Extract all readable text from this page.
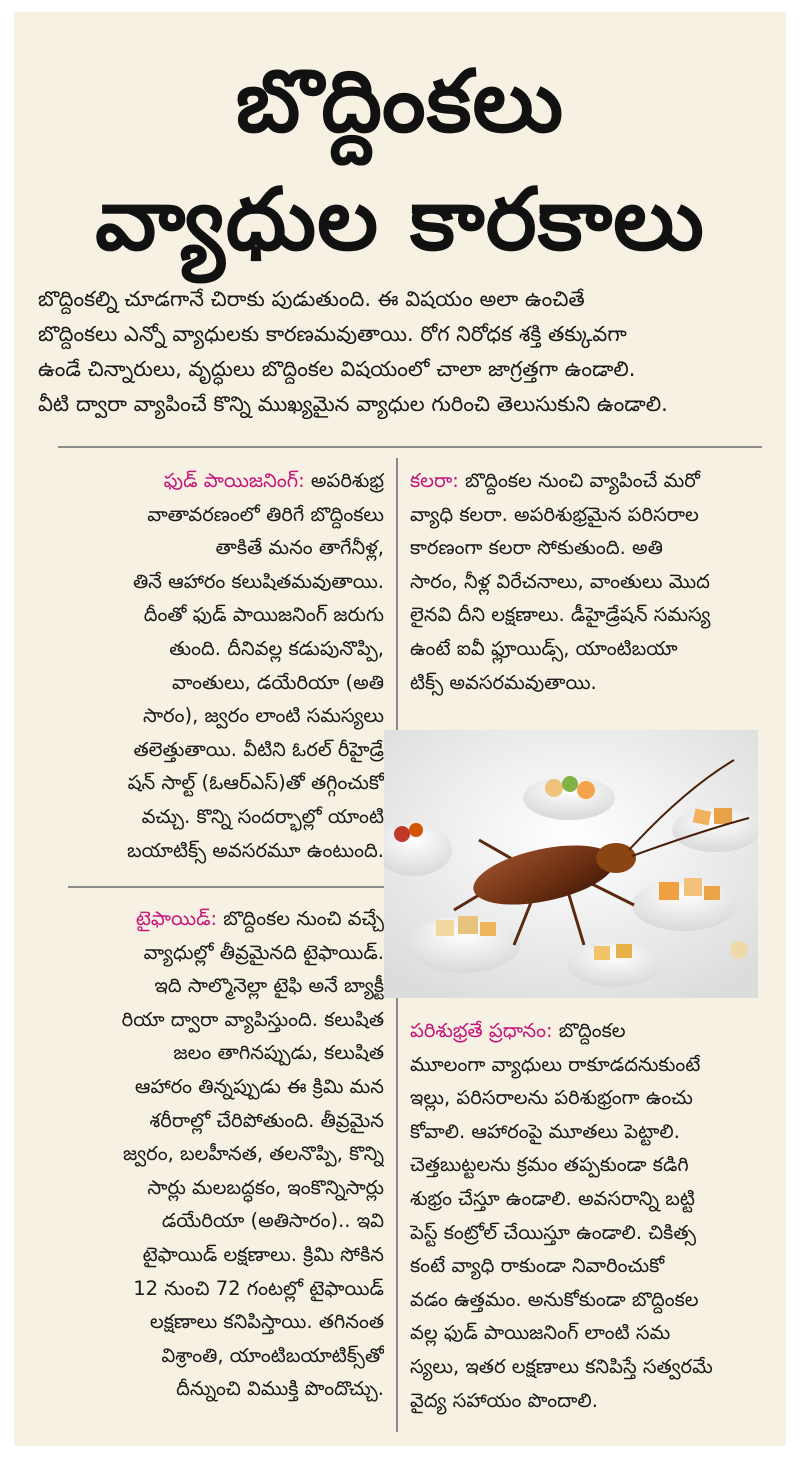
బొద్దింకలు
వ్యాధుల కారకాలు
బొద్దింకల్ని చూడగానే చిరాకు పుడుతుంది. ఈ విషయం అలా ఉంచితే
బొద్దింకలు ఎన్నో వ్యాధులకు కారణమవుతాయి. రోగ నిరోధక శక్తి తక్కువగా
ఉండే చిన్నారులు, వృద్ధులు బొద్దింకల విషయంలో చాలా జాగ్రత్తగా ఉండాలి.
వీటి ద్వారా వ్యాపించే కొన్ని ముఖ్యమైన వ్యాధుల గురించి తెలుసుకుని ఉండాలి.
ఫుడ్ పాయిజనింగ్: అపరిశుభ్ర
వాతావరణంలో తిరిగే బొద్దింకలు
తాకితే మనం తాగేనీళ్ల,
తినే ఆహారం కలుషితమవుతాయి.
దీంతో ఫుడ్ పాయిజనింగ్ జరుగు
తుంది. దీనివల్ల కడుపునొప్పి,
వాంతులు, డయేరియా (అతి
సారం), జ్వరం లాంటి సమస్యలు
తలెత్తుతాయి. వీటిని ఓరల్ రీహైడ్రే
షన్ సాల్ట్ (ఓఆర్ఎస్)తో తగ్గించుకో
వచ్చు. కొన్ని సందర్భాల్లో యాంటి
బయాటిక్స్ అవసరమూ ఉంటుంది.
టైఫాయిడ్: బొద్దింకల నుంచి వచ్చే
వ్యాధుల్లో తీవ్రమైనది టైఫాయిడ్.
ఇది సాల్మొనెల్లా టైఫి అనే బ్యాక్టీ
రియా ద్వారా వ్యాపిస్తుంది. కలుషిత
జలం తాగినప్పుడు, కలుషిత
ఆహారం తిన్నప్పుడు ఈ క్రిమి మన
శరీరాల్లో చేరిపోతుంది. తీవ్రమైన
జ్వరం, బలహీనత, తలనొప్పి, కొన్ని
సార్లు మలబద్ధకం, ఇంకొన్నిసార్లు
డయేరియా (అతిసారం).. ఇవి
టైఫాయిడ్ లక్షణాలు. క్రిమి సోకిన
12 నుంచి 72 గంటల్లో టైఫాయిడ్
లక్షణాలు కనిపిస్తాయి. తగినంత
విశ్రాంతి, యాంటిబయాటిక్స్‌తో
దీన్నుంచి విముక్తి పొందొచ్చు.
కలరా: బొద్దింకల నుంచి వ్యాపించే మరో
వ్యాధి కలరా. అపరిశుభ్రమైన పరిసరాల
కారణంగా కలరా సోకుతుంది. అతి
సారం, నీళ్ల విరేచనాలు, వాంతులు మొద
లైనవి దీని లక్షణాలు. డీహైడ్రేషన్ సమస్య
ఉంటే ఐవీ ఫ్లూయిడ్స్, యాంటిబయా
టిక్స్ అవసరమవుతాయి.
పరిశుభ్రతే ప్రధానం: బొద్దింకల
మూలంగా వ్యాధులు రాకూడదనుకుంటే
ఇల్లు, పరిసరాలను పరిశుభ్రంగా ఉంచు
కోవాలి. ఆహారంపై మూతలు పెట్టాలి.
చెత్తబుట్టలను క్రమం తప్పకుండా కడిగి
శుభ్రం చేస్తూ ఉండాలి. అవసరాన్ని బట్టి
పెస్ట్ కంట్రోల్ చేయిస్తూ ఉండాలి. చికిత్స
కంటే వ్యాధి రాకుండా నివారించుకో
వడం ఉత్తమం. అనుకోకుండా బొద్దింకల
వల్ల ఫుడ్ పాయిజనింగ్ లాంటి సమ
స్యలు, ఇతర లక్షణాలు కనిపిస్తే సత్వరమే
వైద్య సహాయం పొందాలి.
